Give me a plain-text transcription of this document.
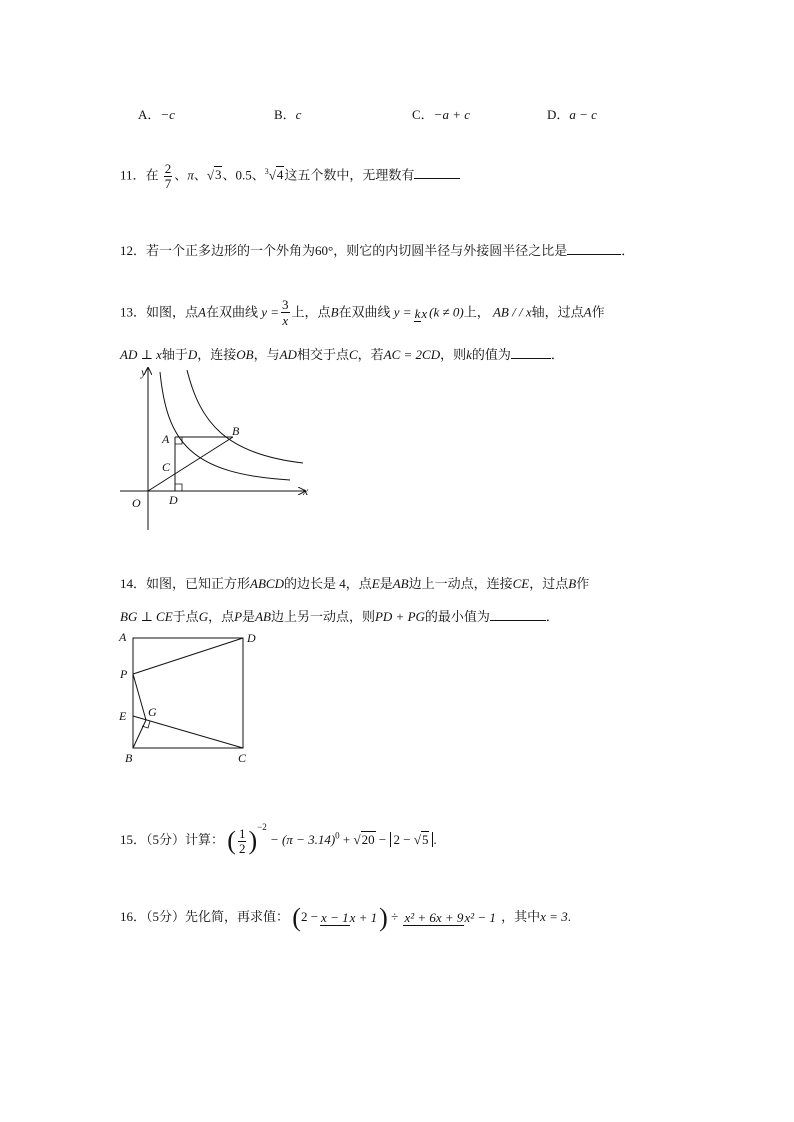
A．−c	B．c	C．−a + c	D．a − c
11．在 $\frac{2}{7}$ 、π、√3、0.5、$^3$√4这五个数中，无理数有
12．若一个正多边形的一个外角为60°，则它的内切圆半径与外接圆半径之比是	．
13．如图，点A在双曲线 $y = \frac{3}{x}$ 上，点B在双曲线 y = kx (k ≠ 0)上， AB / / x轴，过点A作
AD ⊥ x轴于D，连接OB，与AD相交于点C，若AC = 2CD，则k的值为	．
y
x
O
A
B
C
D
14．如图，已知正方形ABCD的边长是 4，点E是AB边上一动点，连接CE，过点B作
BG ⊥ CE于点G，点P是AB边上另一动点，则PD + PG的最小值为	．
A	D
P
E G
B	C
15．（5分）计算： ( $\frac{1}{2} )^{-2} - (\pi - 3.14)^0 + √20 - 2 - √5$ .
16．（5分）先化简，再求值： (2 − x − 1x + 1) ÷ x² + 6x + 9x² − 1 ，其中x = 3.
